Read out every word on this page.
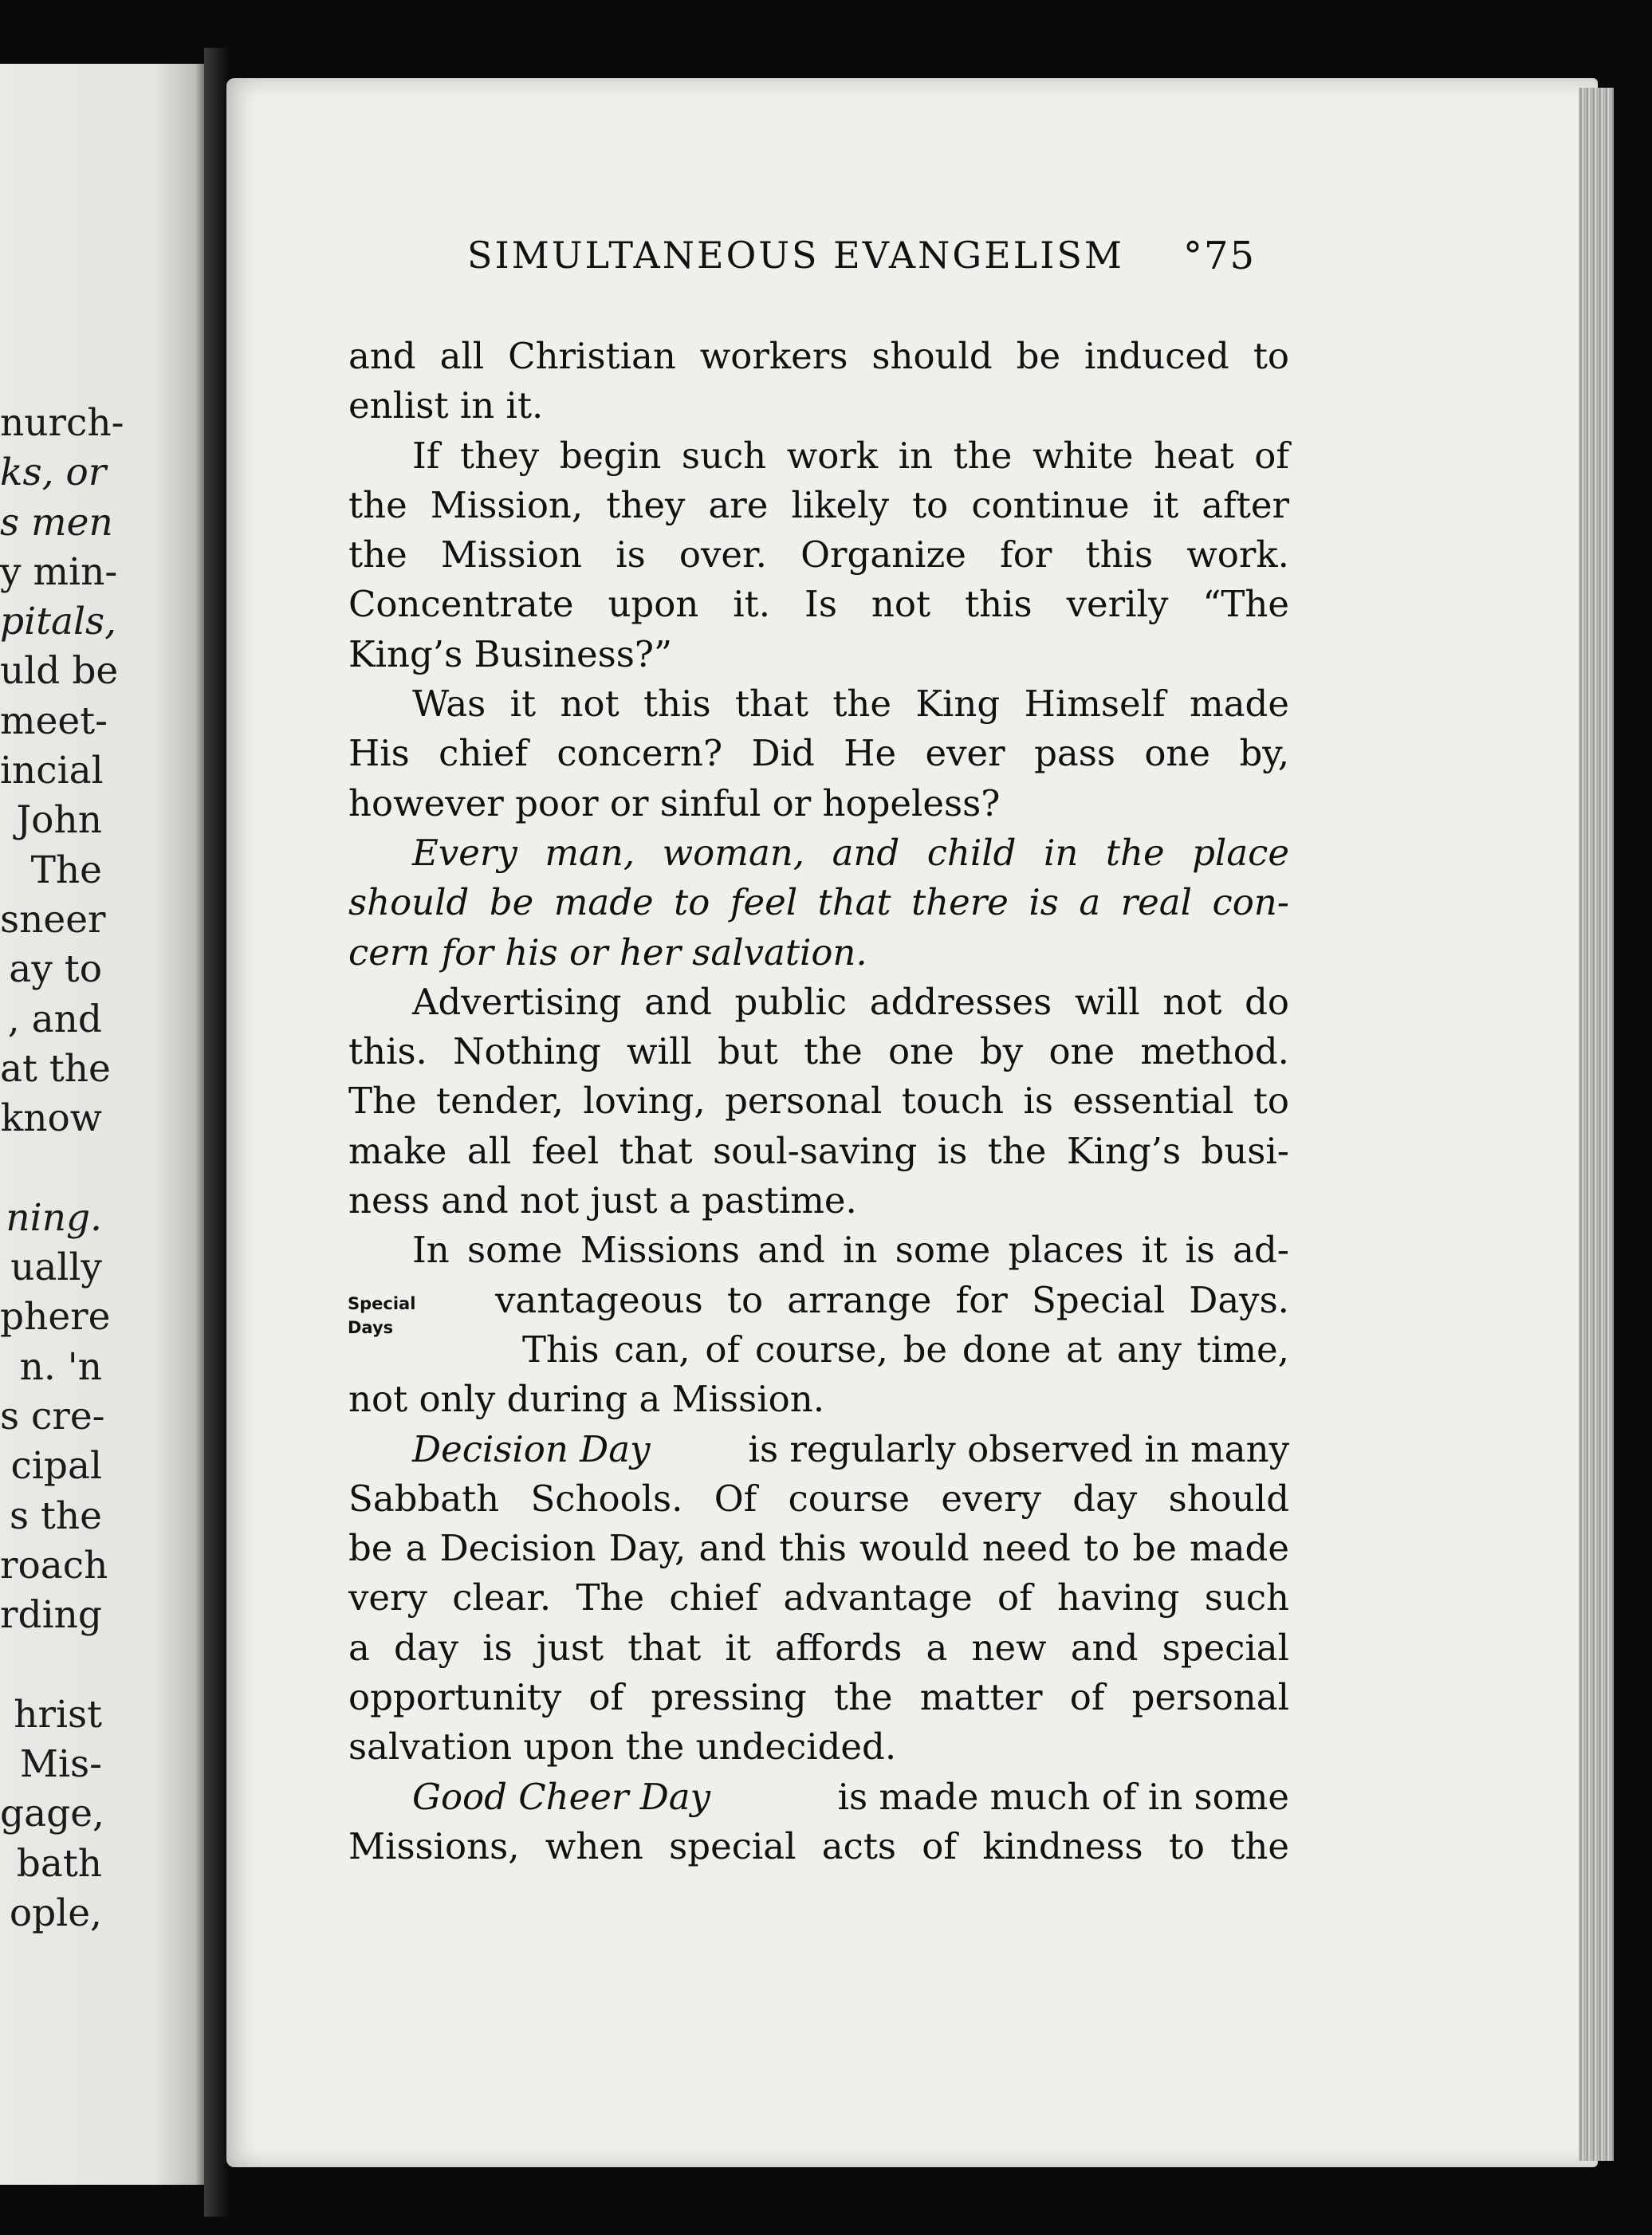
nurch-
ks, or
s men
y min-
pitals,
uld be
meet-
incial
John
The
sneer
ay to
, and
at the
know
ning.
ually
phere
n. 'n
s cre-
cipal
s the
roach
rding
hrist
Mis-
gage,
bath
ople,
SIMULTANEOUS EVANGELISM	°75
Special
Days
and all Christian workers should be induced to
enlist in it.
If they begin such work in the white heat of
the Mission, they are likely to continue it after
the Mission is over. Organize for this work.
Concentrate upon it. Is not this verily “The
King’s Business?”
Was it not this that the King Himself made
His chief concern? Did He ever pass one by,
however poor or sinful or hopeless?
Every man, woman, and child in the place
should be made to feel that there is a real con-
cern for his or her salvation.
Advertising and public addresses will not do
this. Nothing will but the one by one method.
The tender, loving, personal touch is essential to
make all feel that soul-saving is the King’s busi-
ness and not just a pastime.
In some Missions and in some places it is ad-
vantageous to arrange for Special Days.
This can, of course, be done at any time,
not only during a Mission.
Decision Day	is regularly observed in many
Sabbath Schools. Of course every day should
be a Decision Day, and this would need to be made
very clear. The chief advantage of having such
a day is just that it affords a new and special
opportunity of pressing the matter of personal
salvation upon the undecided.
Good Cheer Day	is made much of in some
Missions, when special acts of kindness to the
